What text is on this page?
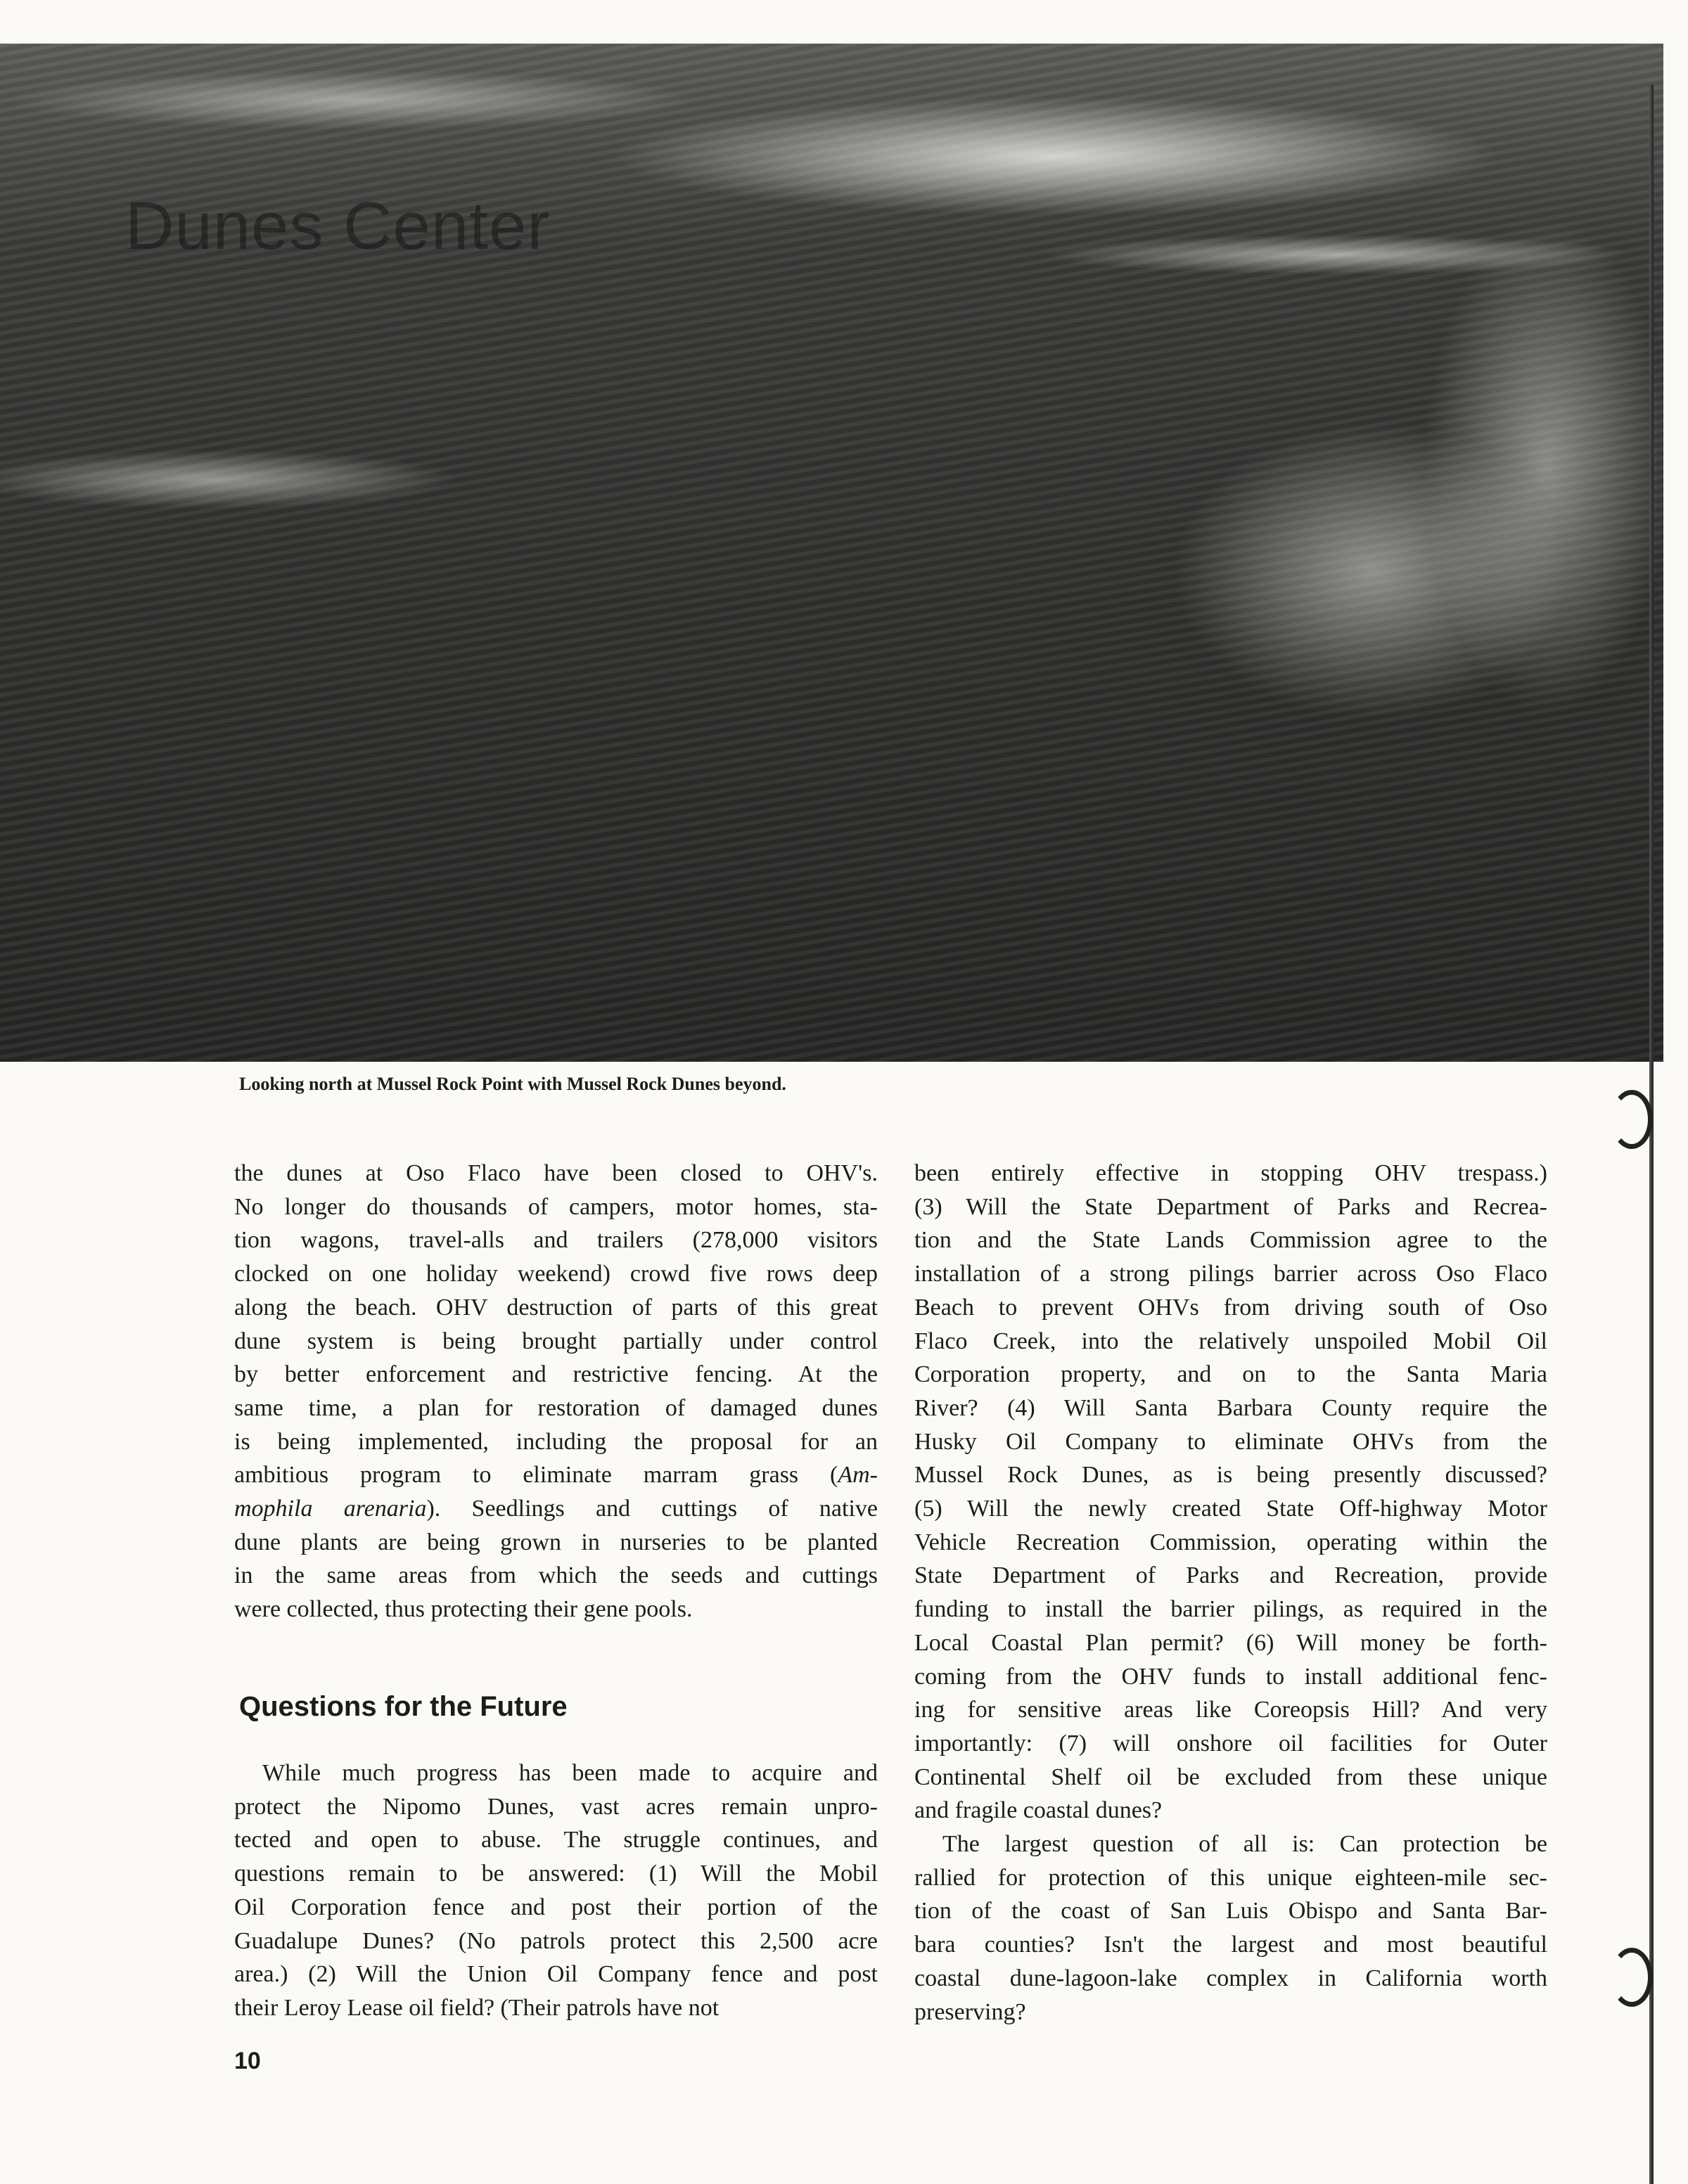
Dunes Center
Looking north at Mussel Rock Point with Mussel Rock Dunes beyond.
the dunes at Oso Flaco have been closed to OHV's.
No longer do thousands of campers, motor homes, sta-
tion wagons, travel-alls and trailers (278,000 visitors
clocked on one holiday weekend) crowd five rows deep
along the beach. OHV destruction of parts of this great
dune system is being brought partially under control
by better enforcement and restrictive fencing. At the
same time, a plan for restoration of damaged dunes
is being implemented, including the proposal for an
ambitious program to eliminate marram grass (Am-
mophila arenaria). Seedlings and cuttings of native
dune plants are being grown in nurseries to be planted
in the same areas from which the seeds and cuttings
were collected, thus protecting their gene pools.
Questions for the Future
While much progress has been made to acquire and
protect the Nipomo Dunes, vast acres remain unpro-
tected and open to abuse. The struggle continues, and
questions remain to be answered: (1) Will the Mobil
Oil Corporation fence and post their portion of the
Guadalupe Dunes? (No patrols protect this 2,500 acre
area.) (2) Will the Union Oil Company fence and post
their Leroy Lease oil field? (Their patrols have not
been entirely effective in stopping OHV trespass.)
(3) Will the State Department of Parks and Recrea-
tion and the State Lands Commission agree to the
installation of a strong pilings barrier across Oso Flaco
Beach to prevent OHVs from driving south of Oso
Flaco Creek, into the relatively unspoiled Mobil Oil
Corporation property, and on to the Santa Maria
River? (4) Will Santa Barbara County require the
Husky Oil Company to eliminate OHVs from the
Mussel Rock Dunes, as is being presently discussed?
(5) Will the newly created State Off-highway Motor
Vehicle Recreation Commission, operating within the
State Department of Parks and Recreation, provide
funding to install the barrier pilings, as required in the
Local Coastal Plan permit? (6) Will money be forth-
coming from the OHV funds to install additional fenc-
ing for sensitive areas like Coreopsis Hill? And very
importantly: (7) will onshore oil facilities for Outer
Continental Shelf oil be excluded from these unique
and fragile coastal dunes?
The largest question of all is: Can protection be
rallied for protection of this unique eighteen-mile sec-
tion of the coast of San Luis Obispo and Santa Bar-
bara counties? Isn't the largest and most beautiful
coastal dune-lagoon-lake complex in California worth
preserving?
10
